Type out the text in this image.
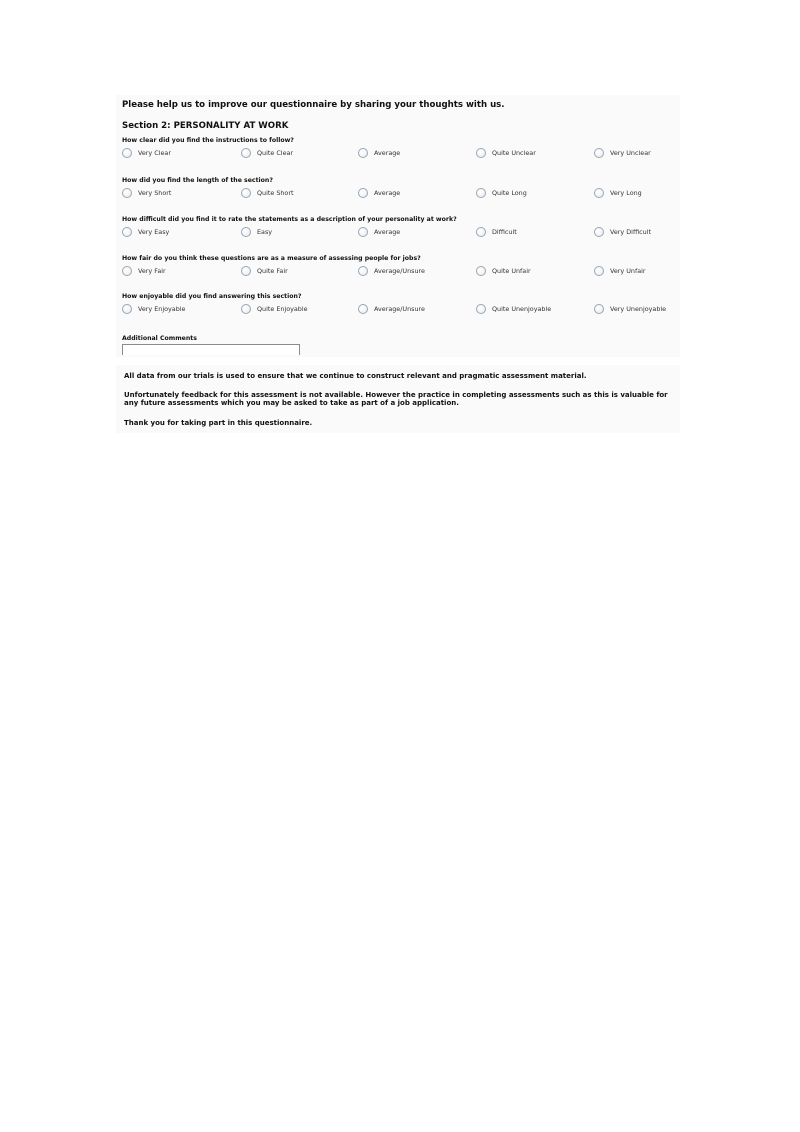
Please help us to improve our questionnaire by sharing your thoughts with us.
Section 2: PERSONALITY AT WORK
How clear did you find the instructions to follow?
Very Clear	Quite Clear	Average	Quite Unclear	Very Unclear
How did you find the length of the section?
Very Short	Quite Short	Average	Quite Long	Very Long
How difficult did you find it to rate the statements as a description of your personality at work?
Very Easy	Easy	Average	Difficult	Very Difficult
How fair do you think these questions are as a measure of assessing people for jobs?
Very Fair	Quite Fair	Average/Unsure	Quite Unfair	Very Unfair
How enjoyable did you find answering this section?
Very Enjoyable	Quite Enjoyable	Average/Unsure	Quite Unenjoyable	Very Unenjoyable
Additional Comments
All data from our trials is used to ensure that we continue to construct relevant and pragmatic assessment material.
Unfortunately feedback for this assessment is not available. However the practice in completing assessments such as this is valuable for any future assessments which you may be asked to take as part of a job application.
Thank you for taking part in this questionnaire.
